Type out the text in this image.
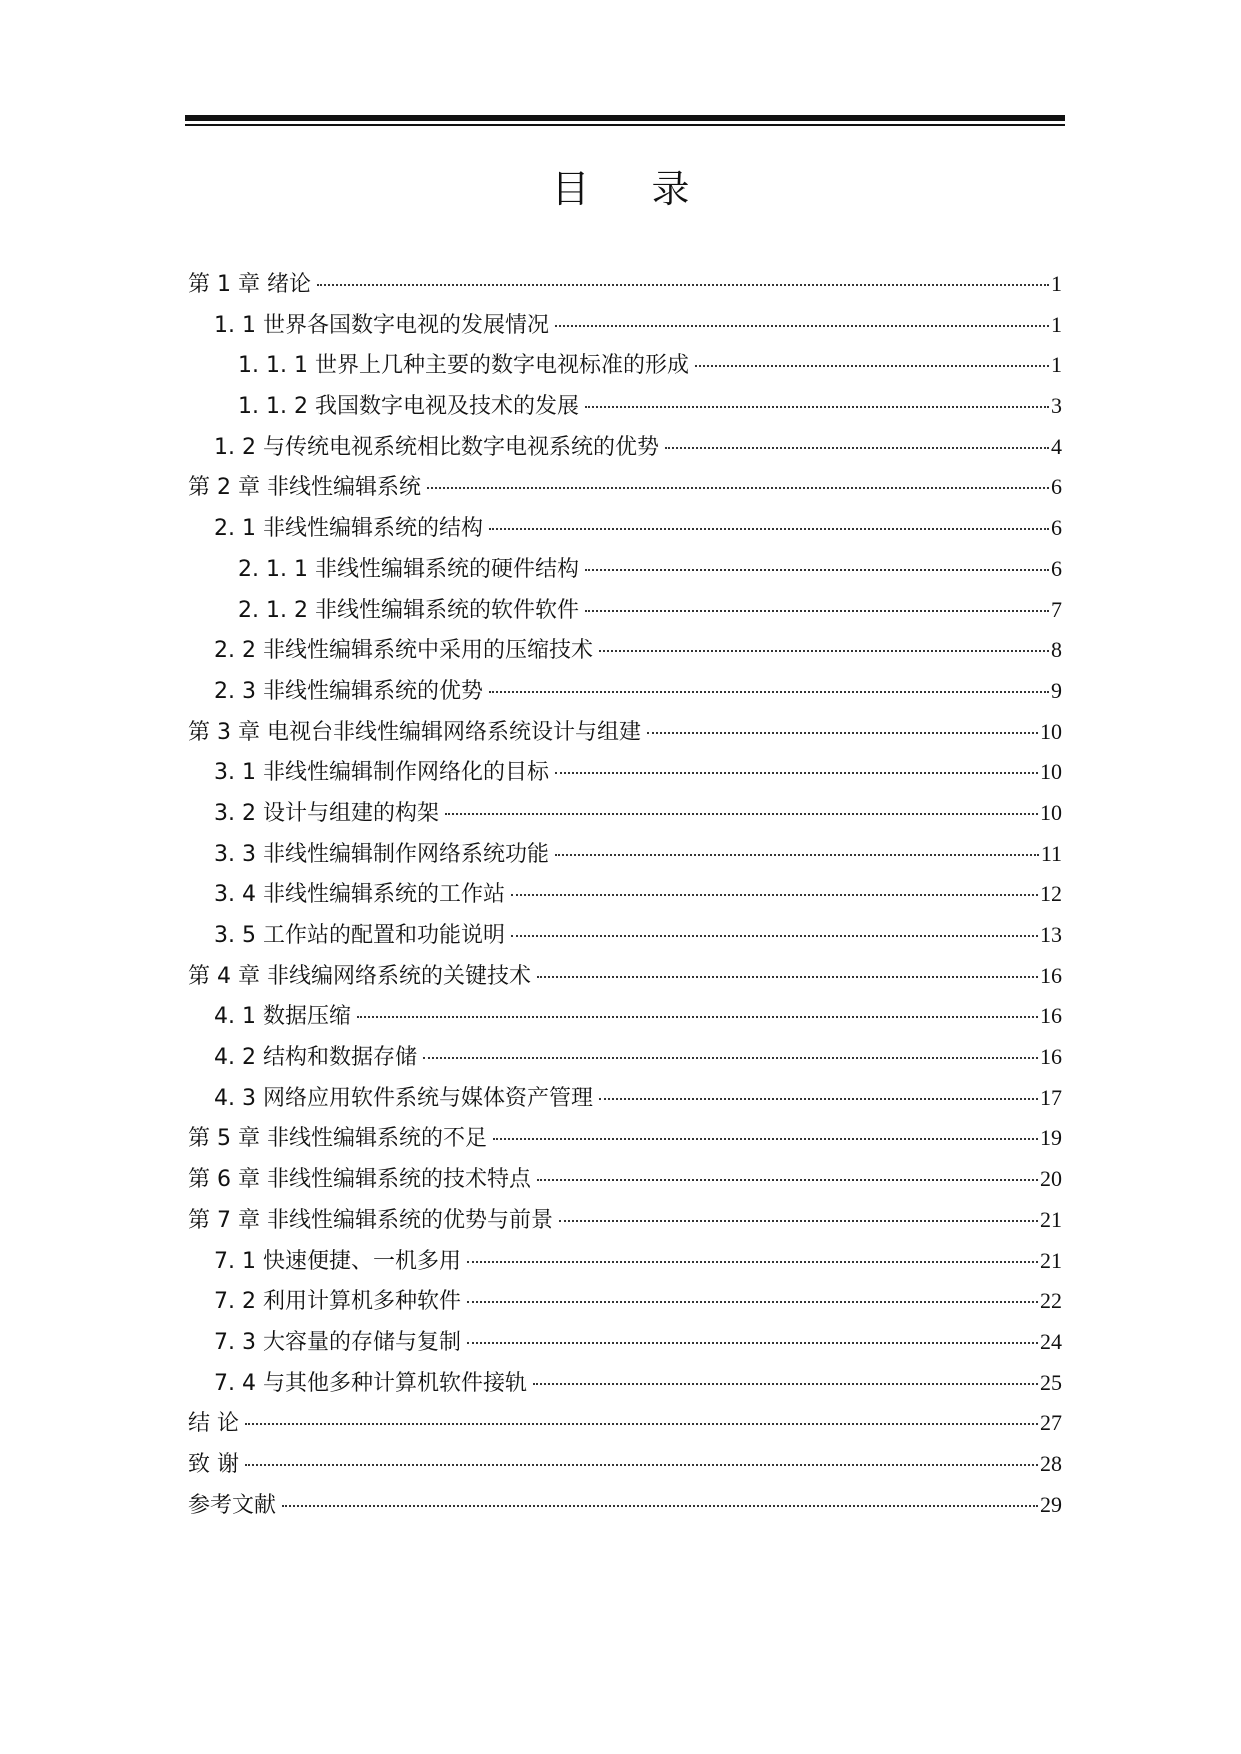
目 录
第 1 章 绪论	1
1. 1 世界各国数字电视的发展情况	1
1. 1. 1 世界上几种主要的数字电视标准的形成	1
1. 1. 2 我国数字电视及技术的发展	3
1. 2 与传统电视系统相比数字电视系统的优势	4
第 2 章 非线性编辑系统	6
2. 1 非线性编辑系统的结构	6
2. 1. 1 非线性编辑系统的硬件结构	6
2. 1. 2 非线性编辑系统的软件软件	7
2. 2 非线性编辑系统中采用的压缩技术	8
2. 3 非线性编辑系统的优势	9
第 3 章 电视台非线性编辑网络系统设计与组建	10
3. 1 非线性编辑制作网络化的目标	10
3. 2 设计与组建的构架	10
3. 3 非线性编辑制作网络系统功能	11
3. 4 非线性编辑系统的工作站	12
3. 5 工作站的配置和功能说明	13
第 4 章 非线编网络系统的关键技术	16
4. 1 数据压缩	16
4. 2 结构和数据存储	16
4. 3 网络应用软件系统与媒体资产管理	17
第 5 章 非线性编辑系统的不足	19
第 6 章 非线性编辑系统的技术特点	20
第 7 章 非线性编辑系统的优势与前景	21
7. 1 快速便捷、一机多用	21
7. 2 利用计算机多种软件	22
7. 3 大容量的存储与复制	24
7. 4 与其他多种计算机软件接轨	25
结 论	27
致 谢	28
参考文献	29
